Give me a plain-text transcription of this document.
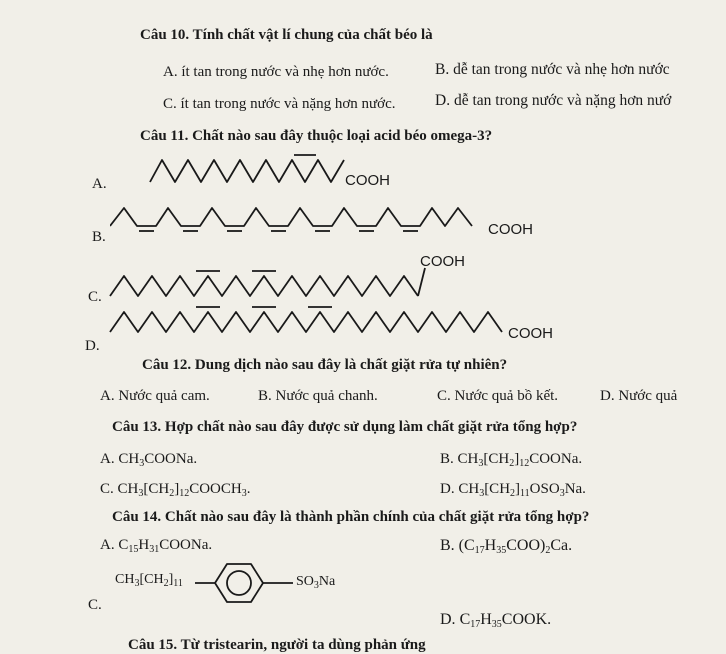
Câu 10. Tính chất vật lí chung của chất béo là
A. ít tan trong nước và nhẹ hơn nước.	B. dễ tan trong nước và nhẹ hơn nước
C. ít tan trong nước và nặng hơn nước.	D. dễ tan trong nước và nặng hơn nướ
Câu 11. Chất nào sau đây thuộc loại acid béo omega-3?
A.	COOH
B.	COOH
C.
COOH
D.
COOH
Câu 12. Dung dịch nào sau đây là chất giặt rửa tự nhiên?
A. Nước quả cam.	B. Nước quả chanh.	C. Nước quả bồ kết.	D. Nước quả
Câu 13. Hợp chất nào sau đây được sử dụng làm chất giặt rửa tổng hợp?
A. $CH_3COONa$.	B. $CH_3[CH_2]_{12}COONa$.
C. $CH_3[CH_2]_{12}COOCH_3$.	D. $CH_3[CH_2]_{11}OSO_3Na$.
Câu 14. Chất nào sau đây là thành phần chính của chất giặt rửa tổng hợp?
A. $C_{15}H_{31}COONa$.	B. $(C_{17}H_{35}COO)_2Ca$.
C.
$CH_3[CH_2]_{11}$	$SO_3Na$
D. $C_{17}H_{35}COOK$.
Câu 15. Từ tristearin, người ta dùng phản ứng
